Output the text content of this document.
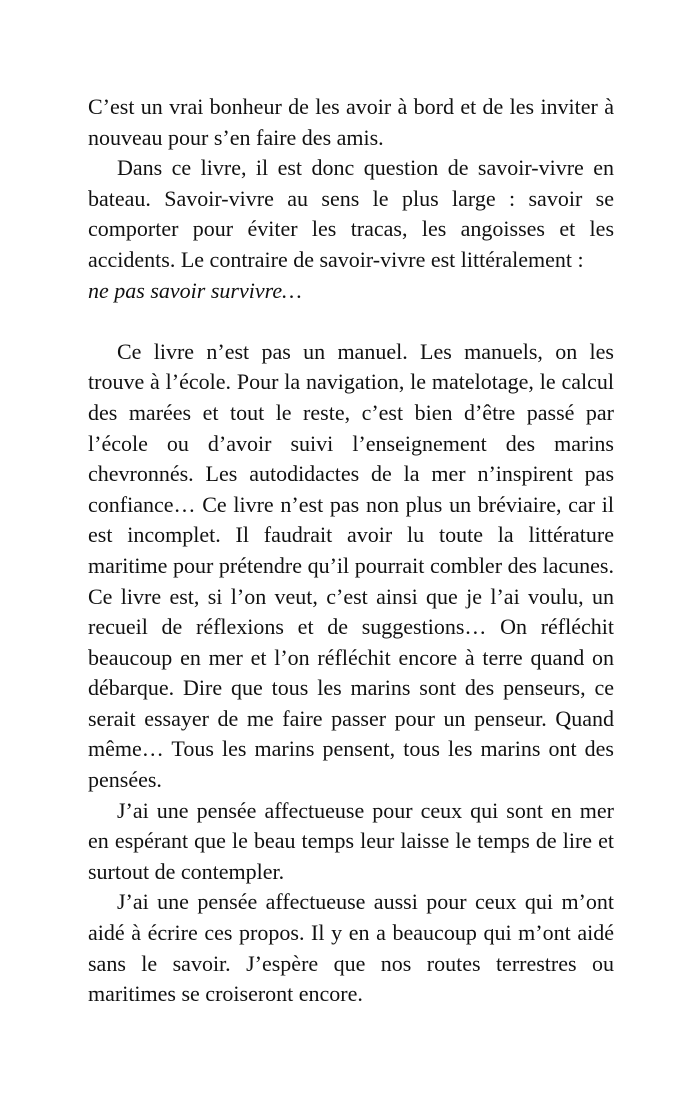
C’est un vrai bonheur de les avoir à bord et de les inviter à nouveau pour s’en faire des amis.

Dans ce livre, il est donc question de savoir-vivre en bateau. Savoir-vivre au sens le plus large : savoir se comporter pour éviter les tracas, les angoisses et les accidents. Le contraire de savoir-vivre est littéralement :
ne pas savoir survivre…

Ce livre n’est pas un manuel. Les manuels, on les trouve à l’école. Pour la navigation, le matelotage, le calcul des marées et tout le reste, c’est bien d’être passé par l’école ou d’avoir suivi l’enseignement des marins chevronnés. Les autodidactes de la mer n’inspirent pas confiance… Ce livre n’est pas non plus un bréviaire, car il est incomplet. Il faudrait avoir lu toute la littérature maritime pour prétendre qu’il pourrait combler des lacunes. Ce livre est, si l’on veut, c’est ainsi que je l’ai voulu, un recueil de réflexions et de suggestions… On réfléchit beaucoup en mer et l’on réfléchit encore à terre quand on débarque. Dire que tous les marins sont des penseurs, ce serait essayer de me faire passer pour un penseur. Quand même… Tous les marins pensent, tous les marins ont des pensées.

J’ai une pensée affectueuse pour ceux qui sont en mer en espérant que le beau temps leur laisse le temps de lire et surtout de contempler.

J’ai une pensée affectueuse aussi pour ceux qui m’ont aidé à écrire ces propos. Il y en a beaucoup qui m’ont aidé sans le savoir. J’espère que nos routes terrestres ou maritimes se croiseront encore.
